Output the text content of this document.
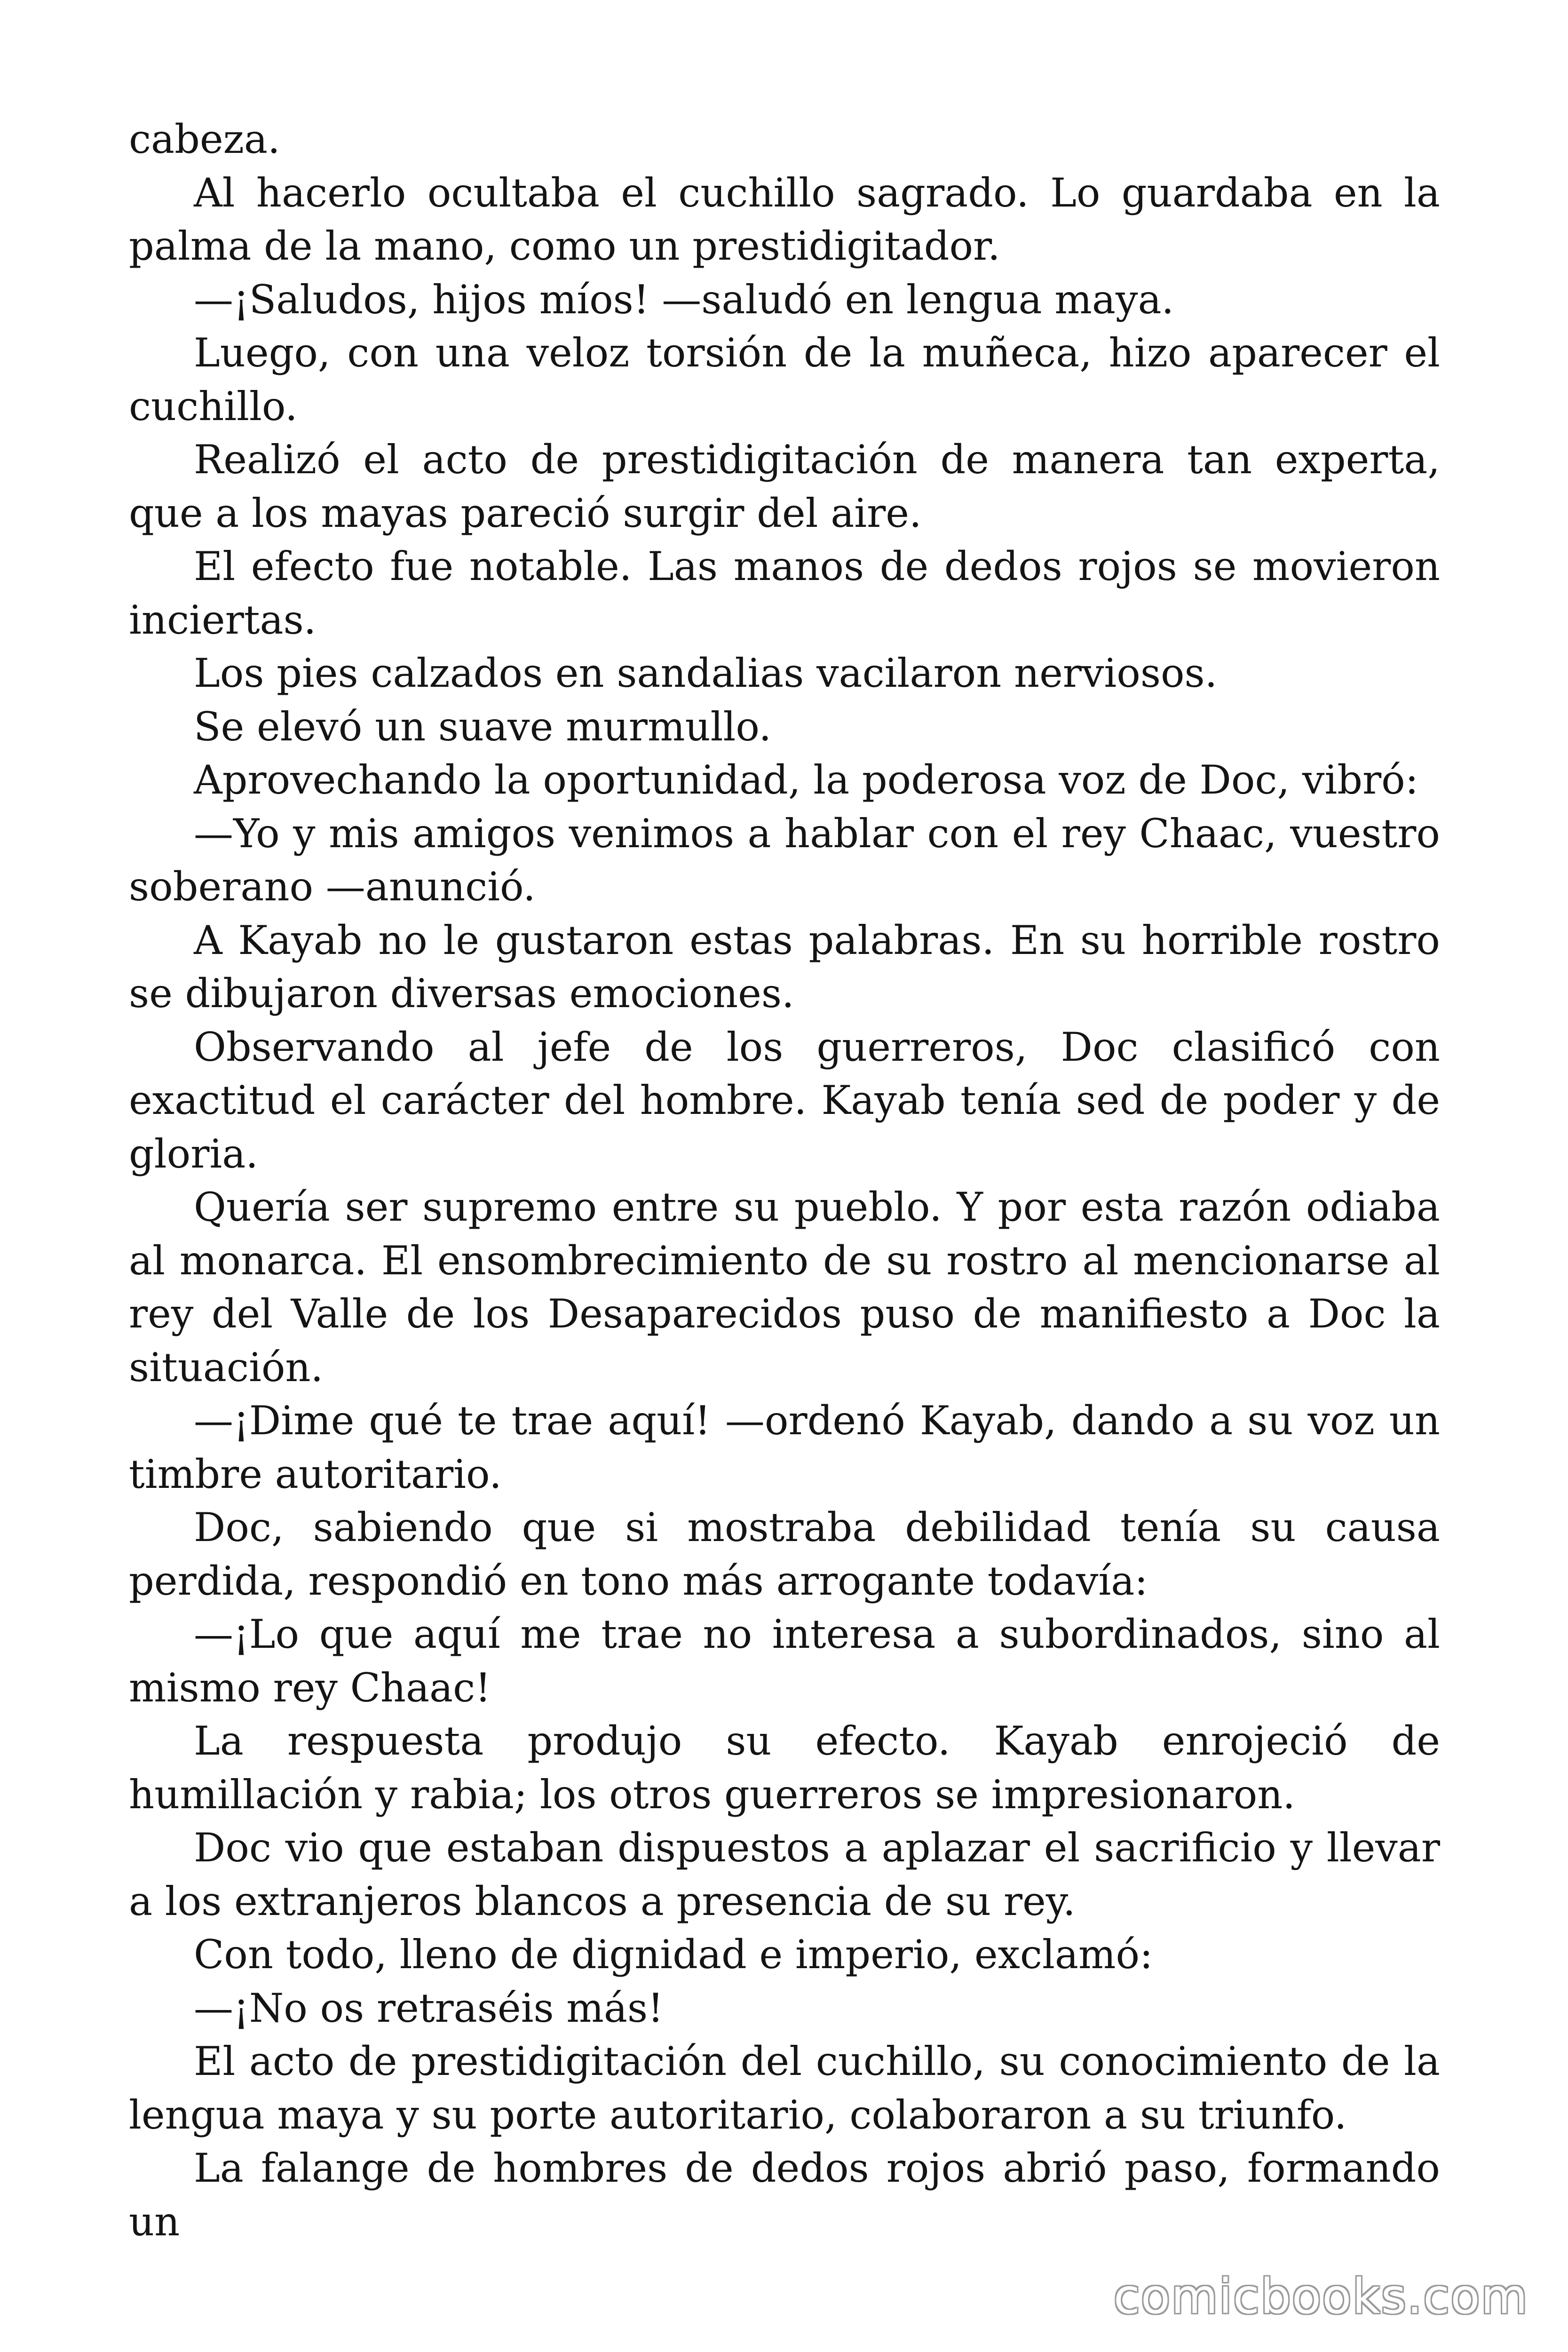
cabeza.

Al hacerlo ocultaba el cuchillo sagrado. Lo guardaba en la palma de la mano, como un prestidigitador.

—¡Saludos, hijos míos! —saludó en lengua maya.

Luego, con una veloz torsión de la muñeca, hizo aparecer el cuchillo.

Realizó el acto de prestidigitación de manera tan experta, que a los mayas pareció surgir del aire.

El efecto fue notable. Las manos de dedos rojos se movieron inciertas.

Los pies calzados en sandalias vacilaron nerviosos.

Se elevó un suave murmullo.

Aprovechando la oportunidad, la poderosa voz de Doc, vibró:

—Yo y mis amigos venimos a hablar con el rey Chaac, vuestro soberano —anunció.

A Kayab no le gustaron estas palabras. En su horrible rostro se dibujaron diversas emociones.

Observando al jefe de los guerreros, Doc clasificó con exactitud el carácter del hombre. Kayab tenía sed de poder y de gloria.

Quería ser supremo entre su pueblo. Y por esta razón odiaba al monarca. El ensombrecimiento de su rostro al mencionarse al rey del Valle de los Desaparecidos puso de manifiesto a Doc la situación.

—¡Dime qué te trae aquí! —ordenó Kayab, dando a su voz un timbre autoritario.

Doc, sabiendo que si mostraba debilidad tenía su causa perdida, respondió en tono más arrogante todavía:

—¡Lo que aquí me trae no interesa a subordinados, sino al mismo rey Chaac!

La respuesta produjo su efecto. Kayab enrojeció de humillación y rabia; los otros guerreros se impresionaron.

Doc vio que estaban dispuestos a aplazar el sacrificio y llevar a los extranjeros blancos a presencia de su rey.

Con todo, lleno de dignidad e imperio, exclamó:

—¡No os retraséis más!

El acto de prestidigitación del cuchillo, su conocimiento de la lengua maya y su porte autoritario, colaboraron a su triunfo.

La falange de hombres de dedos rojos abrió paso, formando un

comicbooks.com
